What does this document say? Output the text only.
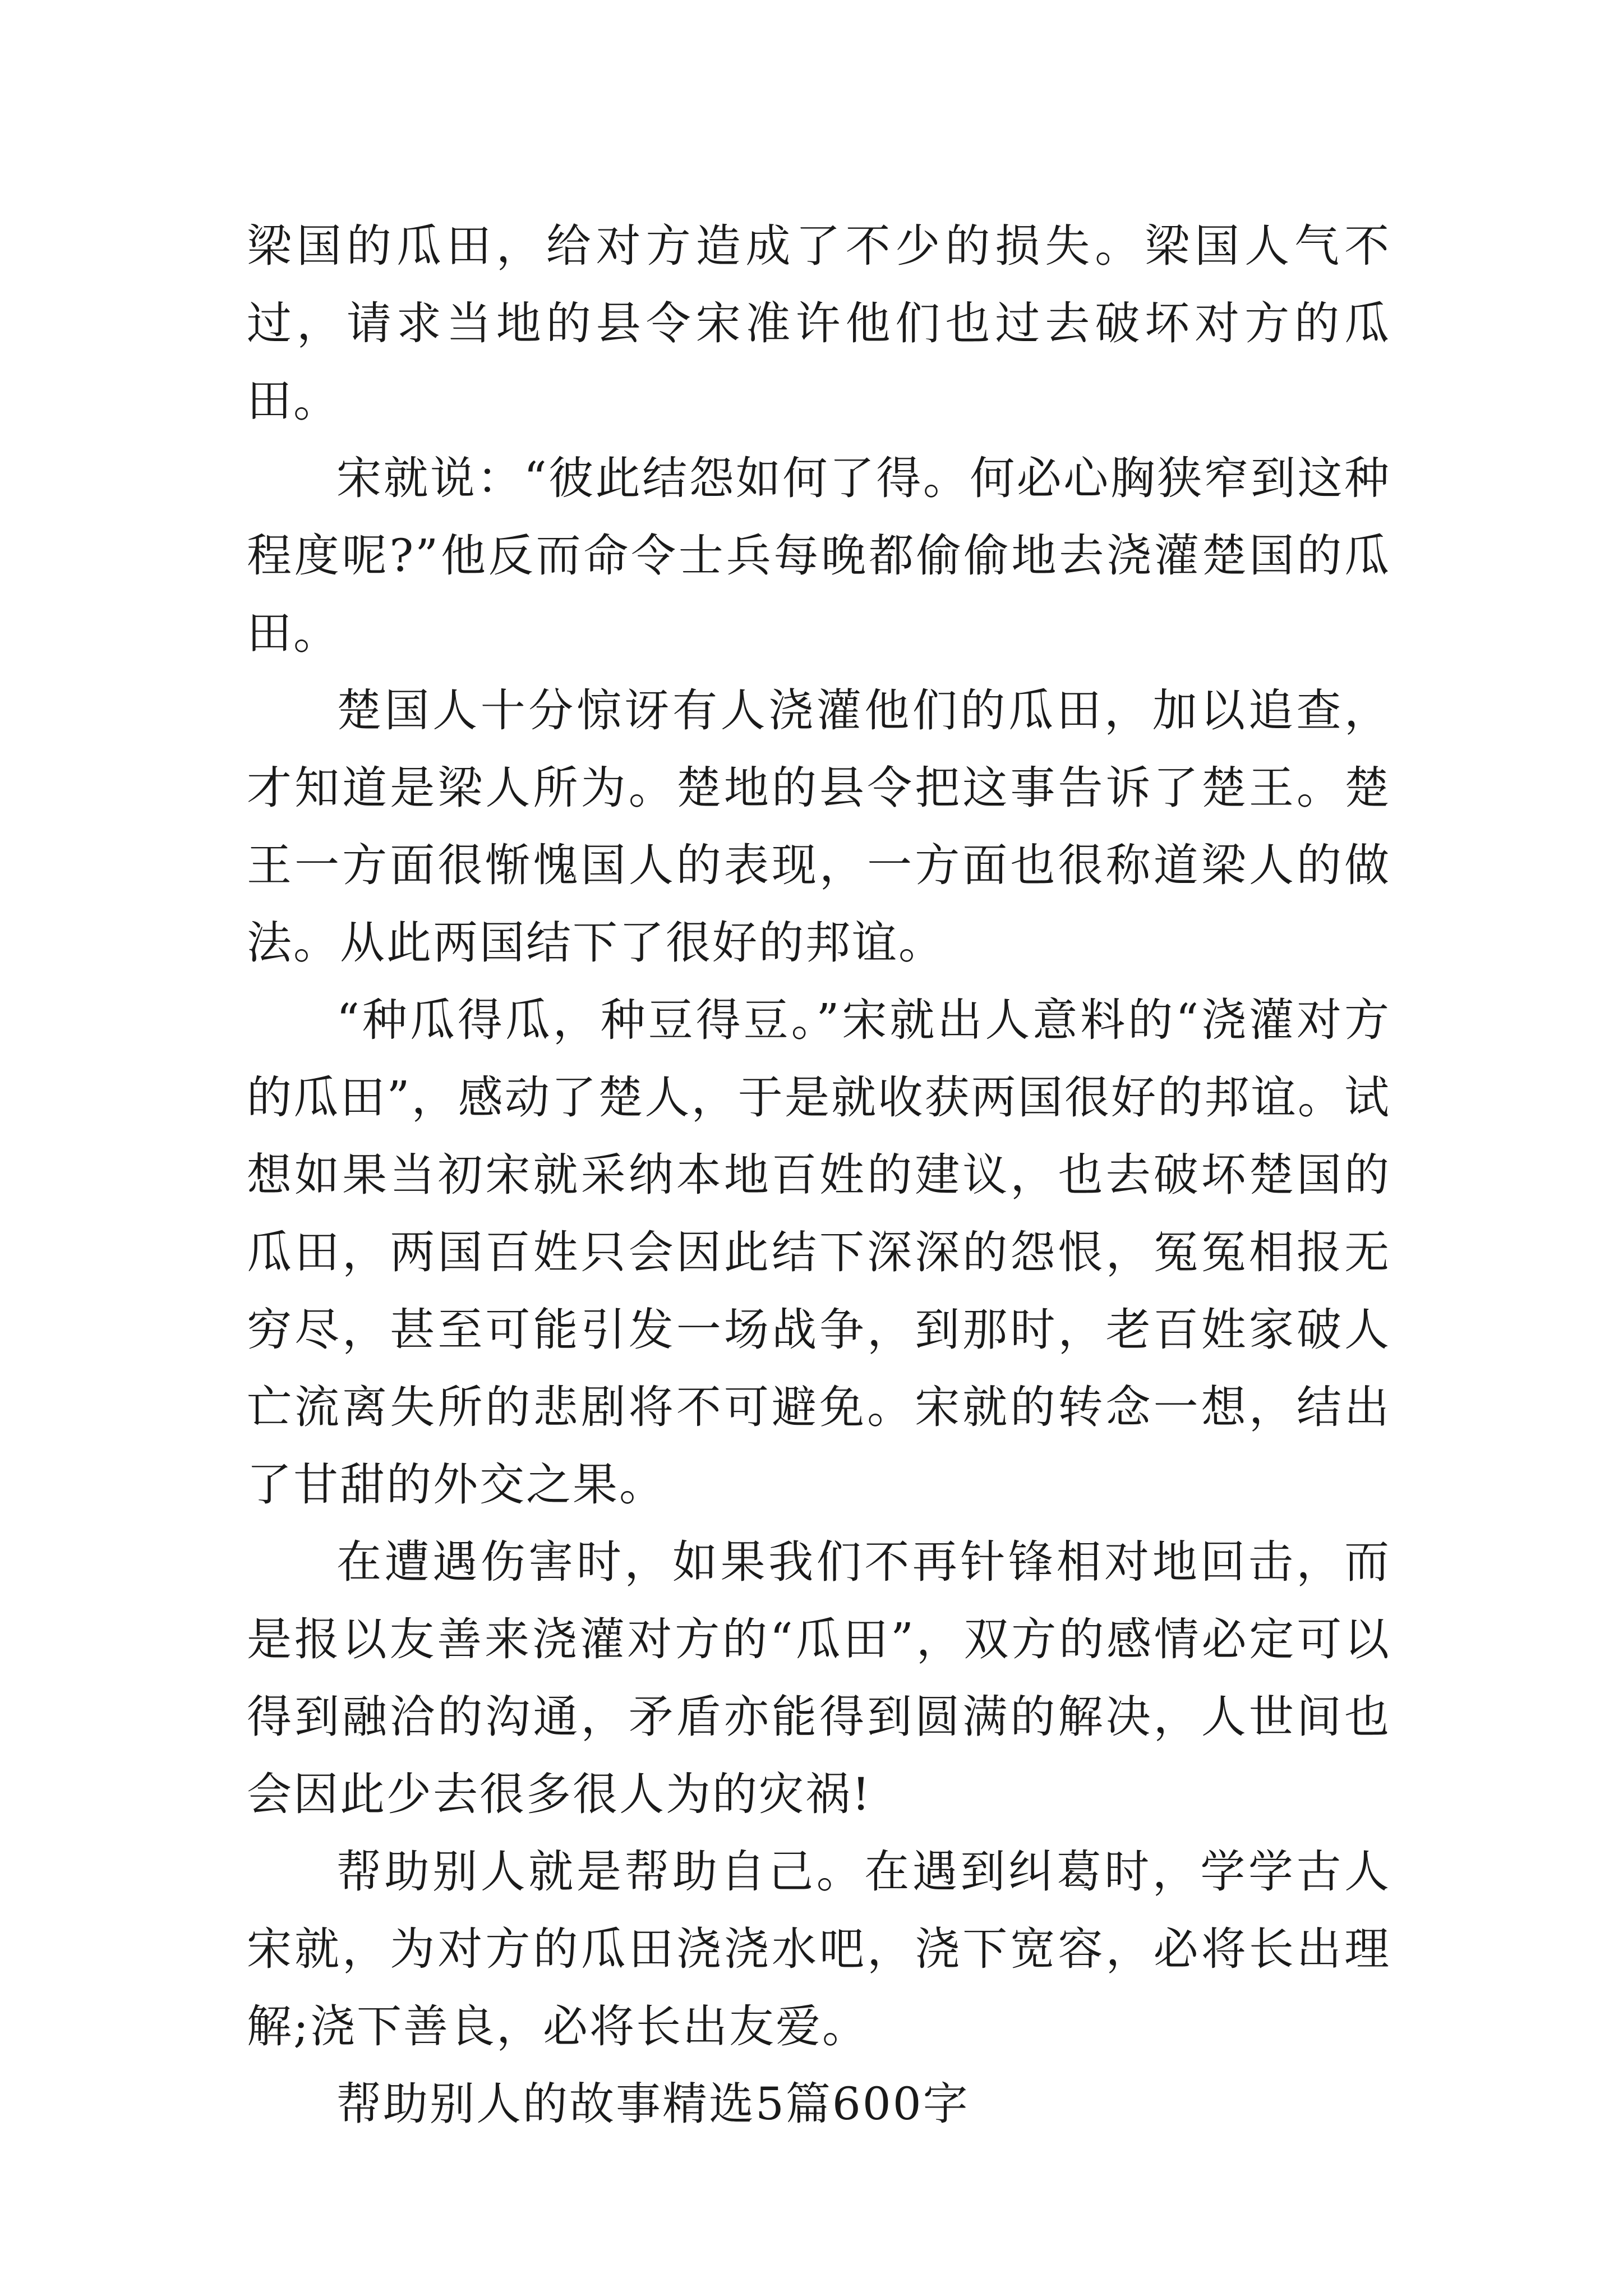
梁国的瓜田，给对方造成了不少的损失。梁国人气不过，请求当地的县令宋准许他们也过去破坏对方的瓜田。

宋就说：“彼此结怨如何了得。何必心胸狭窄到这种程度呢?”他反而命令士兵每晚都偷偷地去浇灌楚国的瓜田。

楚国人十分惊讶有人浇灌他们的瓜田，加以追查，才知道是梁人所为。楚地的县令把这事告诉了楚王。楚王一方面很惭愧国人的表现，一方面也很称道梁人的做法。从此两国结下了很好的邦谊。

“种瓜得瓜，种豆得豆。”宋就出人意料的“浇灌对方的瓜田”，感动了楚人，于是就收获两国很好的邦谊。试想如果当初宋就采纳本地百姓的建议，也去破坏楚国的瓜田，两国百姓只会因此结下深深的怨恨，冤冤相报无穷尽，甚至可能引发一场战争，到那时，老百姓家破人亡流离失所的悲剧将不可避免。宋就的转念一想，结出了甘甜的外交之果。

在遭遇伤害时，如果我们不再针锋相对地回击，而是报以友善来浇灌对方的“瓜田”，双方的感情必定可以得到融洽的沟通，矛盾亦能得到圆满的解决，人世间也会因此少去很多很人为的灾祸!

帮助别人就是帮助自己。在遇到纠葛时，学学古人宋就，为对方的瓜田浇浇水吧，浇下宽容，必将长出理解;浇下善良，必将长出友爱。

帮助别人的故事精选5篇600字
